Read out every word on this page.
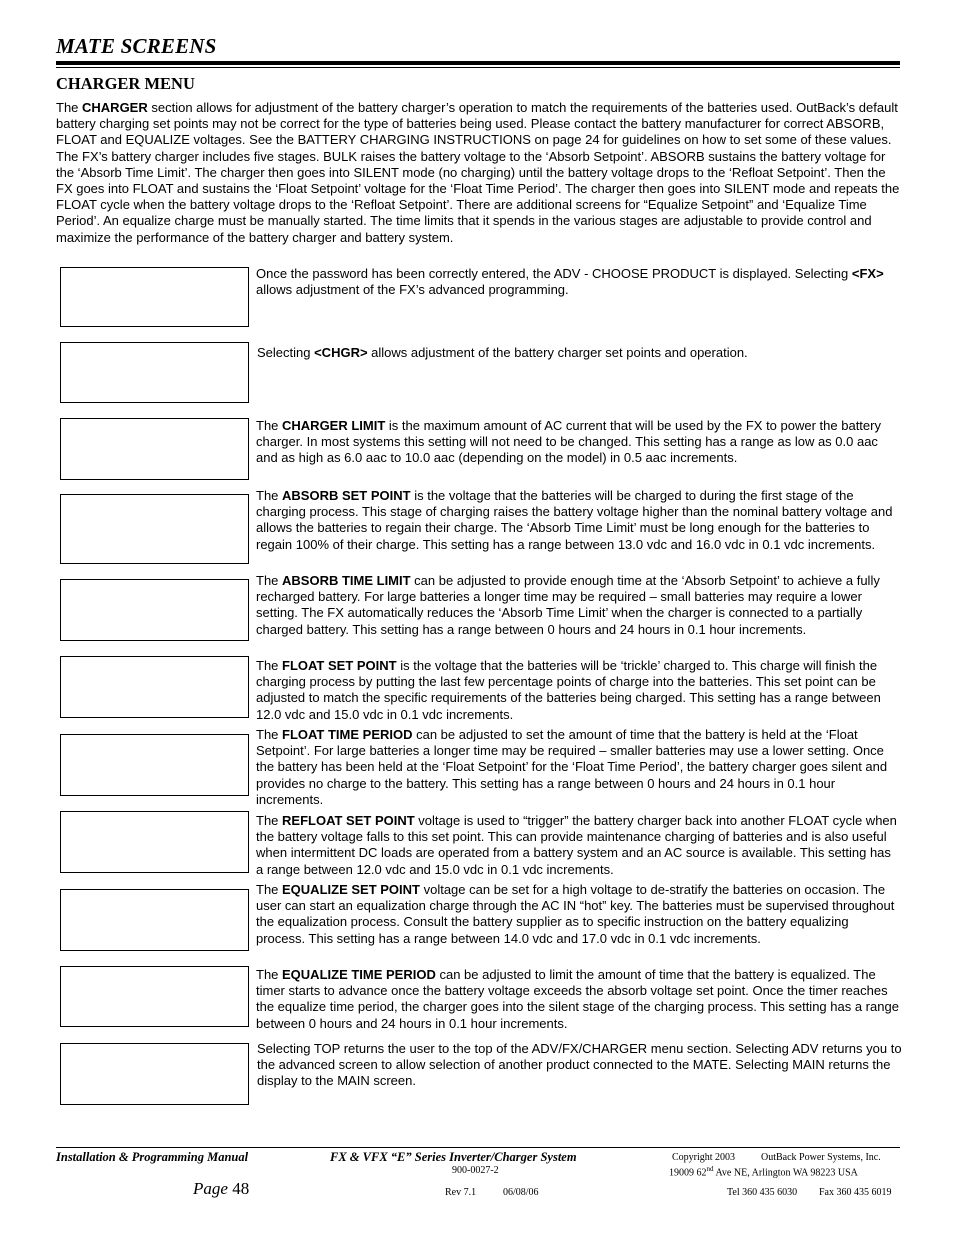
MATE SCREENS
CHARGER MENU

The CHARGER section allows for adjustment of the battery charger’s operation to match the requirements of the batteries used. OutBack’s default battery charging set points may not be correct for the type of batteries being used. Please contact the battery manufacturer for correct ABSORB, FLOAT and EQUALIZE voltages. See the BATTERY CHARGING INSTRUCTIONS on page 24 for guidelines on how to set some of these values. The FX’s battery charger includes five stages. BULK raises the battery voltage to the ‘Absorb Setpoint’. ABSORB sustains the battery voltage for the ‘Absorb Time Limit’. The charger then goes into SILENT mode (no charging) until the battery voltage drops to the ‘Refloat Setpoint’. Then the FX goes into FLOAT and sustains the ‘Float Setpoint’ voltage for the ‘Float Time Period’. The charger then goes into SILENT mode and repeats the FLOAT cycle when the battery voltage drops to the ‘Refloat Setpoint’. There are additional screens for “Equalize Setpoint” and ‘Equalize Time Period’. An equalize charge must be manually started. The time limits that it spends in the various stages are adjustable to provide control and maximize the performance of the battery charger and battery system.

Once the password has been correctly entered, the ADV - CHOOSE PRODUCT is displayed. Selecting <FX> allows adjustment of the FX’s advanced programming.

Selecting <CHGR> allows adjustment of the battery charger set points and operation.

The CHARGER LIMIT is the maximum amount of AC current that will be used by the FX to power the battery charger. In most systems this setting will not need to be changed. This setting has a range as low as 0.0 aac and as high as 6.0 aac to 10.0 aac (depending on the model) in 0.5 aac increments.

The ABSORB SET POINT is the voltage that the batteries will be charged to during the first stage of the charging process. This stage of charging raises the battery voltage higher than the nominal battery voltage and allows the batteries to regain their charge. The ‘Absorb Time Limit’ must be long enough for the batteries to regain 100% of their charge. This setting has a range between 13.0 vdc and 16.0 vdc in 0.1 vdc increments.

The ABSORB TIME LIMIT can be adjusted to provide enough time at the ‘Absorb Setpoint’ to achieve a fully recharged battery. For large batteries a longer time may be required – small batteries may require a lower setting. The FX automatically reduces the ‘Absorb Time Limit’ when the charger is connected to a partially charged battery. This setting has a range between 0 hours and 24 hours in 0.1 hour increments.

The FLOAT SET POINT is the voltage that the batteries will be ‘trickle’ charged to. This charge will finish the charging process by putting the last few percentage points of charge into the batteries. This set point can be adjusted to match the specific requirements of the batteries being charged. This setting has a range between 12.0 vdc and 15.0 vdc in 0.1 vdc increments.

The FLOAT TIME PERIOD can be adjusted to set the amount of time that the battery is held at the ‘Float Setpoint’. For large batteries a longer time may be required – smaller batteries may use a lower setting. Once the battery has been held at the ‘Float Setpoint’ for the ‘Float Time Period’, the battery charger goes silent and provides no charge to the battery. This setting has a range between 0 hours and 24 hours in 0.1 hour increments.

The REFLOAT SET POINT voltage is used to “trigger” the battery charger back into another FLOAT cycle when the battery voltage falls to this set point. This can provide maintenance charging of batteries and is also useful when intermittent DC loads are operated from a battery system and an AC source is available. This setting has a range between 12.0 vdc and 15.0 vdc in 0.1 vdc increments.

The EQUALIZE SET POINT voltage can be set for a high voltage to de-stratify the batteries on occasion. The user can start an equalization charge through the AC IN “hot” key. The batteries must be supervised throughout the equalization process. Consult the battery supplier as to specific instruction on the battery equalizing process. This setting has a range between 14.0 vdc and 17.0 vdc in 0.1 vdc increments.

The EQUALIZE TIME PERIOD can be adjusted to limit the amount of time that the battery is equalized. The timer starts to advance once the battery voltage exceeds the absorb voltage set point. Once the timer reaches the equalize time period, the charger goes into the silent stage of the charging process. This setting has a range between 0 hours and 24 hours in 0.1 hour increments.

Selecting TOP returns the user to the top of the ADV/FX/CHARGER menu section. Selecting ADV returns you to the advanced screen to allow selection of another product connected to the MATE. Selecting MAIN returns the display to the MAIN screen.

Installation & Programming Manual	FX & VFX “E” Series Inverter/Charger System
900-0027-2
Page 48	Rev 7.1	06/08/06
Copyright 2003	OutBack Power Systems, Inc.
19009 62nd Ave NE, Arlington WA 98223 USA
Tel 360 435 6030 Fax 360 435 6019
